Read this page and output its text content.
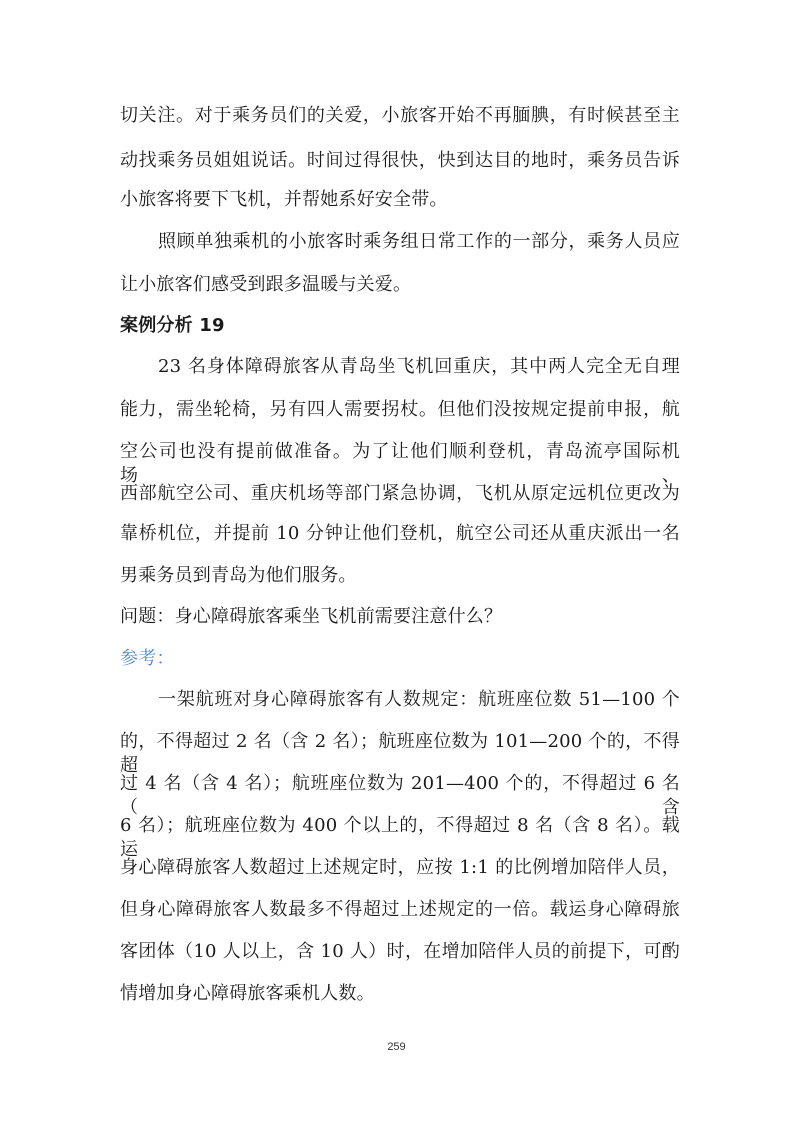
切关注。对于乘务员们的关爱，小旅客开始不再腼腆，有时候甚至主
动找乘务员姐姐说话。时间过得很快，快到达目的地时，乘务员告诉
小旅客将要下飞机，并帮她系好安全带。
照顾单独乘机的小旅客时乘务组日常工作的一部分，乘务人员应
让小旅客们感受到跟多温暖与关爱。
案例分析 19
23 名身体障碍旅客从青岛坐飞机回重庆，其中两人完全无自理
能力，需坐轮椅，另有四人需要拐杖。但他们没按规定提前申报，航
空公司也没有提前做准备。为了让他们顺利登机，青岛流亭国际机场、
西部航空公司、重庆机场等部门紧急协调，飞机从原定远机位更改为
靠桥机位，并提前 10 分钟让他们登机，航空公司还从重庆派出一名
男乘务员到青岛为他们服务。
问题：身心障碍旅客乘坐飞机前需要注意什么？
参考：
一架航班对身心障碍旅客有人数规定：航班座位数 51—100 个
的，不得超过 2 名（含 2 名）；航班座位数为 101—200 个的，不得超
过 4 名（含 4 名）；航班座位数为 201—400 个的，不得超过 6 名（含
6 名）；航班座位数为 400 个以上的，不得超过 8 名（含 8 名）。载运
身心障碍旅客人数超过上述规定时，应按 1:1 的比例增加陪伴人员，
但身心障碍旅客人数最多不得超过上述规定的一倍。载运身心障碍旅
客团体（10 人以上，含 10 人）时，在增加陪伴人员的前提下，可酌
情增加身心障碍旅客乘机人数。
259
